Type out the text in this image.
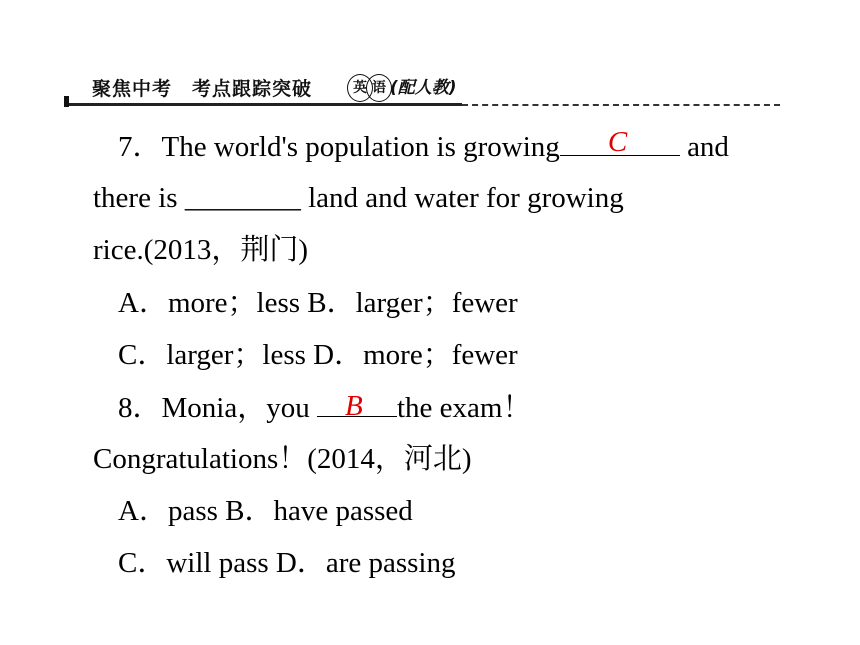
聚焦中考 考点跟踪突破	英 语 (配人教)
7．The world's population is growing C and
there is ________ land and water for growing
rice.(2013，荆门)
A．more；less B．larger；fewer
C．larger；less D．more；fewer
8．Monia，you B the exam！
Congratulations！(2014，河北)
A．pass B．have passed
C．will pass D．are passing
